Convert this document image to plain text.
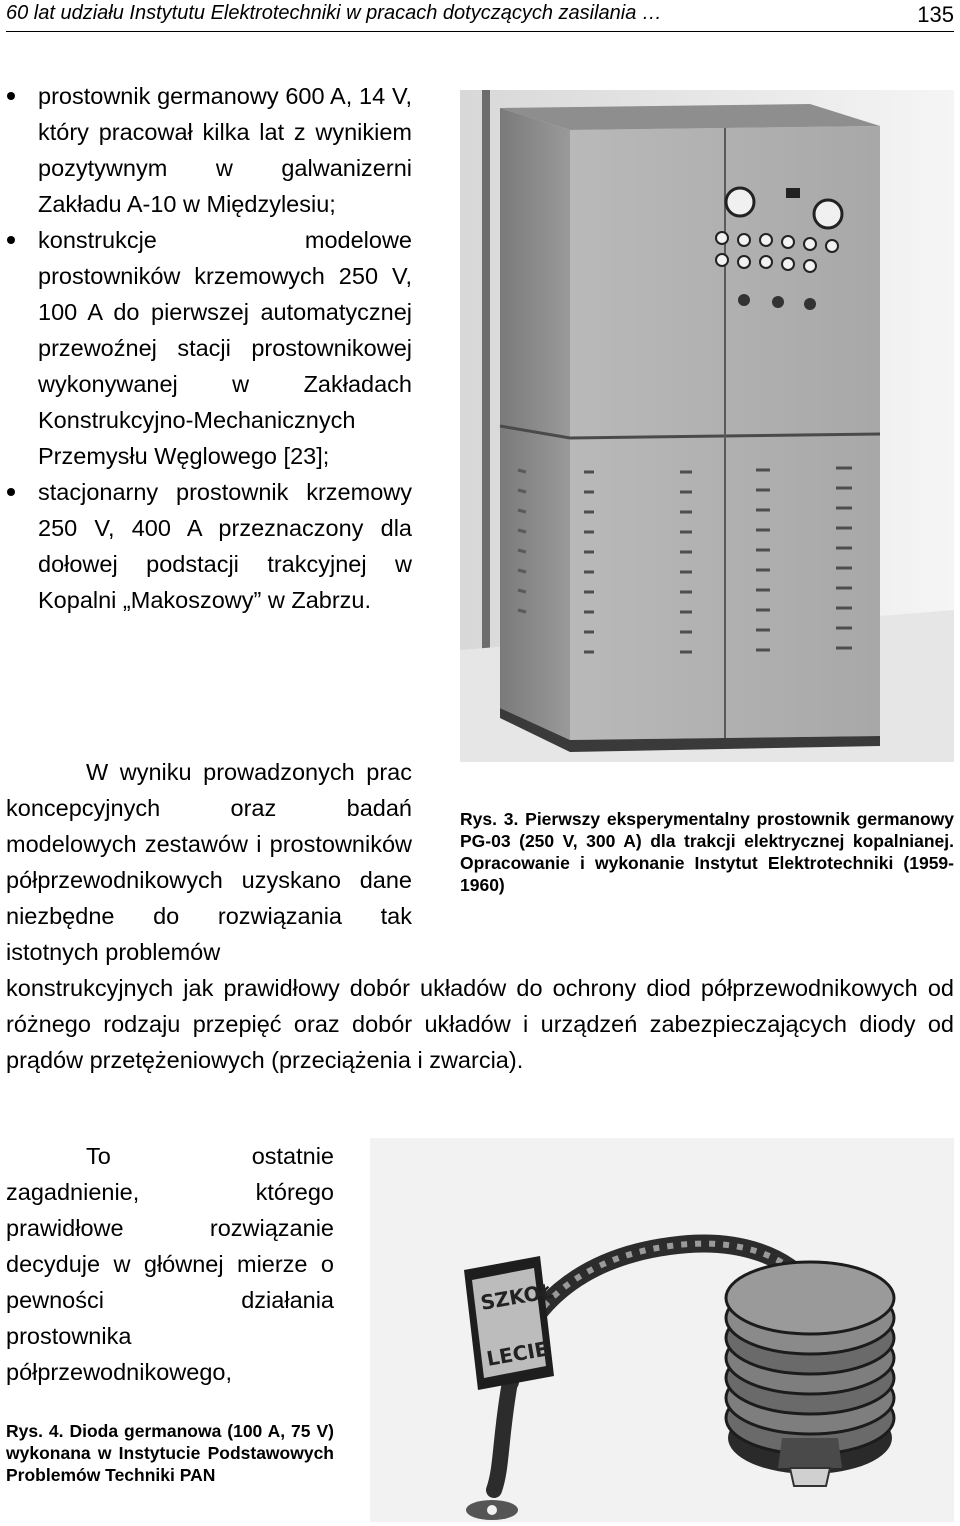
60 lat udziału Instytutu Elektrotechniki w pracach dotyczących zasilania …	135
prostownik germanowy 600 A, 14 V, który pracował kilka lat z wynikiem pozytywnym w galwanizerni Zakładu A-10 w Międzylesiu;
konstrukcje modelowe prostowników krzemowych 250 V, 100 A do pierwszej automatycznej przewoźnej stacji prostownikowej wykonywanej w Zakładach Konstrukcyjno-Mechanicznych Przemysłu Węglowego [23];
stacjonarny prostownik krzemowy 250 V, 400 A przeznaczony dla dołowej podstacji trakcyjnej w Kopalni „Makoszowy” w Zabrzu.
W wyniku prowadzonych prac koncepcyjnych oraz badań modelowych zestawów i prostowników półprzewodnikowych uzyskano dane niezbędne do rozwiązania tak istotnych problemów
konstrukcyjnych jak prawidłowy dobór układów do ochrony diod półprzewodnikowych od różnego rodzaju przepięć oraz dobór układów i urządzeń zabezpieczających diody od prądów przetężeniowych (przeciążenia i zwarcia).
Rys. 3. Pierwszy eksperymentalny prostownik germanowy PG-03 (250 V, 300 A) dla trakcji elektrycznej kopalnianej. Opracowanie i wykonanie Instytut Elektrotechniki (1959-1960)
To ostatnie zagadnienie, którego prawidłowe rozwiązanie decyduje w głównej mierze o pewności działania prostownika półprzewodnikowego,
SZKOŁ
LECIE
Rys. 4. Dioda germanowa (100 A, 75 V) wykonana w Instytucie Podstawowych Problemów Techniki PAN
